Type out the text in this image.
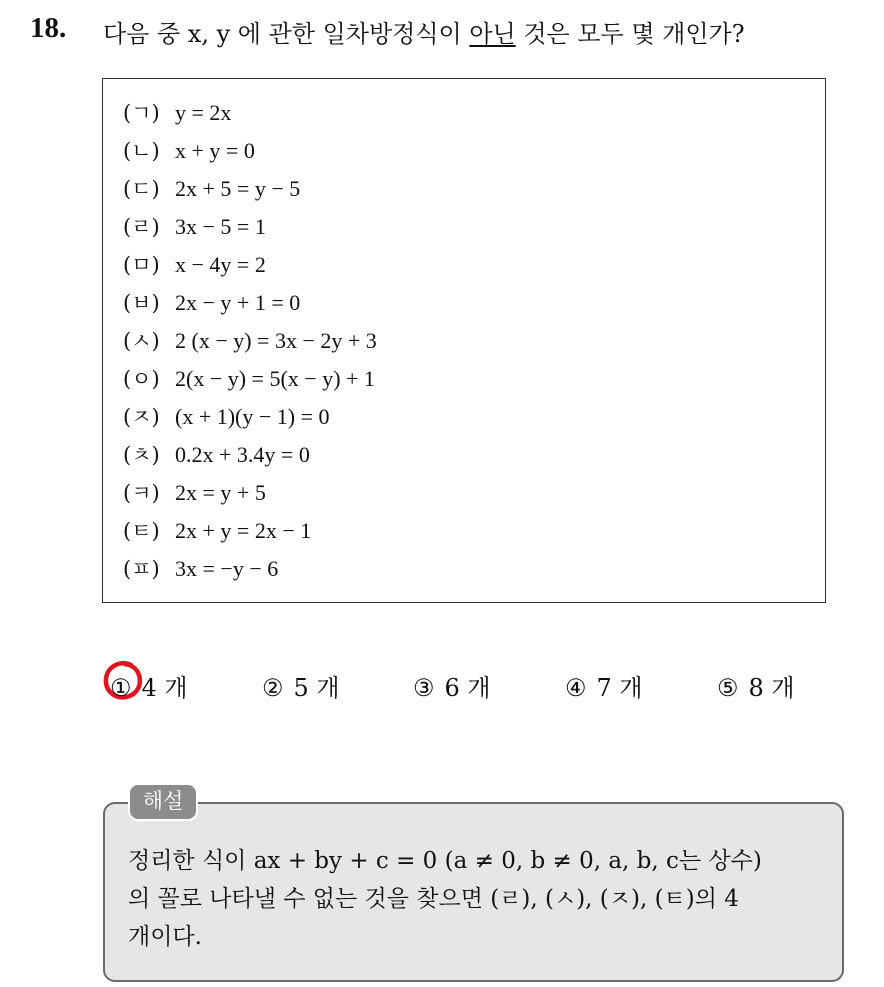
18. 다음 중 x, y 에 관한 일차방정식이 아닌 것은 모두 몇 개인가?
(ㄱ) y = 2x
(ㄴ) x + y = 0
(ㄷ) 2x + 5 = y − 5
(ㄹ) 3x − 5 = 1
(ㅁ) x − 4y = 2
(ㅂ) 2x − y + 1 = 0
(ㅅ) 2 (x − y) = 3x − 2y + 3
(ㅇ) 2(x − y) = 5(x − y) + 1
(ㅈ) (x + 1)(y − 1) = 0
(ㅊ) 0.2x + 3.4y = 0
(ㅋ) 2x = y + 5
(ㅌ) 2x + y = 2x − 1
(ㅍ) 3x = −y − 6
① 4 개	② 5 개	③ 6 개	④ 7 개	⑤ 8 개
해설
정리한 식이 ax + by + c = 0 (a ≠ 0, b ≠ 0, a, b, c는 상수)
의 꼴로 나타낼 수 없는 것을 찾으면 (ㄹ), (ㅅ), (ㅈ), (ㅌ)의 4
개이다.
